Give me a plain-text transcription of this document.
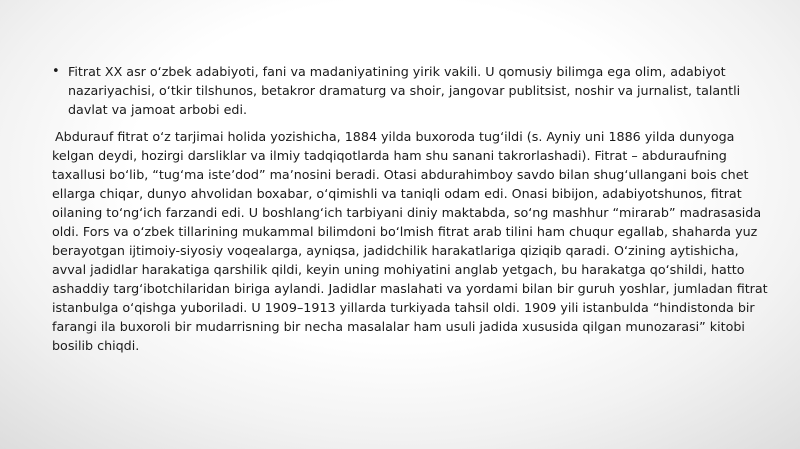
• Fitrat XX asr oʻzbek adabiyoti, fani va madaniyatining yirik vakili. U qomusiy bilimga ega olim, adabiyot nazariyachisi, oʻtkir tilshunos, betakror dramaturg va shoir, jangovar publitsist, noshir va jurnalist, talantli davlat va jamoat arbobi edi.

Abdurauf fitrat oʻz tarjimai holida yozishicha, 1884 yilda buxoroda tugʻildi (s. Ayniy uni 1886 yilda dunyoga kelgan deydi, hozirgi darsliklar va ilmiy tadqiqotlarda ham shu sanani takrorlashadi). Fitrat – abduraufning taxallusi boʻlib, “tugʻma isteʼdod” maʼnosini beradi. Otasi abdurahimboy savdo bilan shugʻullangani bois chet ellarga chiqar, dunyo ahvolidan boxabar, oʻqimishli va taniqli odam edi. Onasi bibijon, adabiyotshunos, fitrat oilaning toʻngʻich farzandi edi. U boshlangʻich tarbiyani diniy maktabda, soʻng mashhur “mirarab” madrasasida oldi. Fors va oʻzbek tillarining mukammal bilimdoni boʻlmish fitrat arab tilini ham chuqur egallab, shaharda yuz berayotgan ijtimoiy-siyosiy voqealarga, ayniqsa, jadidchilik harakatlariga qiziqib qaradi. Oʻzining aytishicha, avval jadidlar harakatiga qarshilik qildi, keyin uning mohiyatini anglab yetgach, bu harakatga qoʻshildi, hatto ashaddiy targʻibotchilaridan biriga aylandi. Jadidlar maslahati va yordami bilan bir guruh yoshlar, jumladan fitrat istanbulga oʻqishga yuboriladi. U 1909–1913 yillarda turkiyada tahsil oldi. 1909 yili istanbulda “hindistonda bir farangi ila buxoroli bir mudarrisning bir necha masalalar ham usuli jadida xususida qilgan munozarasi” kitobi bosilib chiqdi.
